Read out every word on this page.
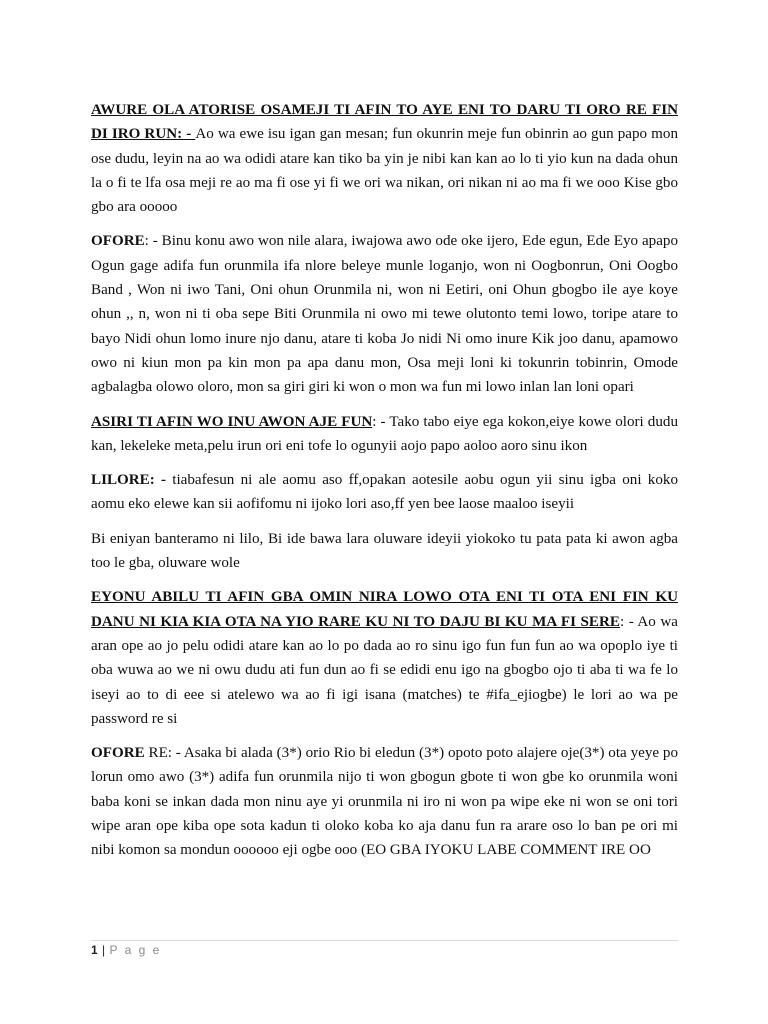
AWURE OLA ATORISE OSAMEJI TI AFIN TO AYE ENI TO DARU TI ORO RE FIN DI IRO RUN: - Ao wa ewe isu igan gan mesan; fun okunrin meje fun obinrin ao gun papo mon ose dudu, leyin na ao wa odidi atare kan tiko ba yin je nibi kan kan ao lo ti yio kun na dada ohun la o fi te lfa osa meji re ao ma fi ose yi fi we ori wa nikan, ori nikan ni ao ma fi we ooo Kise gbo gbo ara ooooo

OFORE: - Binu konu awo won nile alara, iwajowa awo ode oke ijero, Ede egun, Ede Eyo apapo Ogun gage adifa fun orunmila ifa nlore beleye munle loganjo, won ni Oogbonrun, Oni Oogbo Band , Won ni iwo Tani, Oni ohun Orunmila ni, won ni Eetiri, oni Ohun gbogbo ile aye koye ohun ,, n, won ni ti oba sepe Biti Orunmila ni owo mi tewe olutonto temi lowo, toripe atare to bayo Nidi ohun lomo inure njo danu, atare ti koba Jo nidi Ni omo inure Kik joo danu, apamowo owo ni kiun mon pa kin mon pa apa danu mon, Osa meji loni ki tokunrin tobinrin, Omode agbalagba olowo oloro, mon sa giri giri ki won o mon wa fun mi lowo inlan lan loni opari

ASIRI TI AFIN WO INU AWON AJE FUN: - Tako tabo eiye ega kokon,eiye kowe olori dudu kan, lekeleke meta,pelu irun ori eni tofe lo ogunyii aojo papo aoloo aoro sinu ikon

LILORE: - tiabafesun ni ale aomu aso ff,opakan aotesile aobu ogun yii sinu igba oni koko aomu eko elewe kan sii aofifomu ni ijoko lori aso,ff yen bee laose maaloo iseyii

Bi eniyan banteramo ni lilo, Bi ide bawa lara oluware ideyii yiokoko tu pata pata ki awon agba too le gba, oluware wole

EYONU ABILU TI AFIN GBA OMIN NIRA LOWO OTA ENI TI OTA ENI FIN KU DANU NI KIA KIA OTA NA YIO RARE KU NI TO DAJU BI KU MA FI SERE: - Ao wa aran ope ao jo pelu odidi atare kan ao lo po dada ao ro sinu igo fun fun fun ao wa opoplo iye ti oba wuwa ao we ni owu dudu ati fun dun ao fi se edidi enu igo na gbogbo ojo ti aba ti wa fe lo iseyi ao to di eee si atelewo wa ao fi igi isana (matches) te #ifa_ejiogbe) le lori ao wa pe password re si

OFORE RE: - Asaka bi alada (3*) orio Rio bi eledun (3*) opoto poto alajere oje(3*) ota yeye po lorun omo awo (3*) adifa fun orunmila nijo ti won gbogun gbote ti won gbe ko orunmila woni baba koni se inkan dada mon ninu aye yi orunmila ni iro ni won pa wipe eke ni won se oni tori wipe aran ope kiba ope sota kadun ti oloko koba ko aja danu fun ra arare oso lo ban pe ori mi nibi komon sa mondun oooooo eji ogbe ooo (EO GBA IYOKU LABE COMMENT IRE OO

1 | P a g e
